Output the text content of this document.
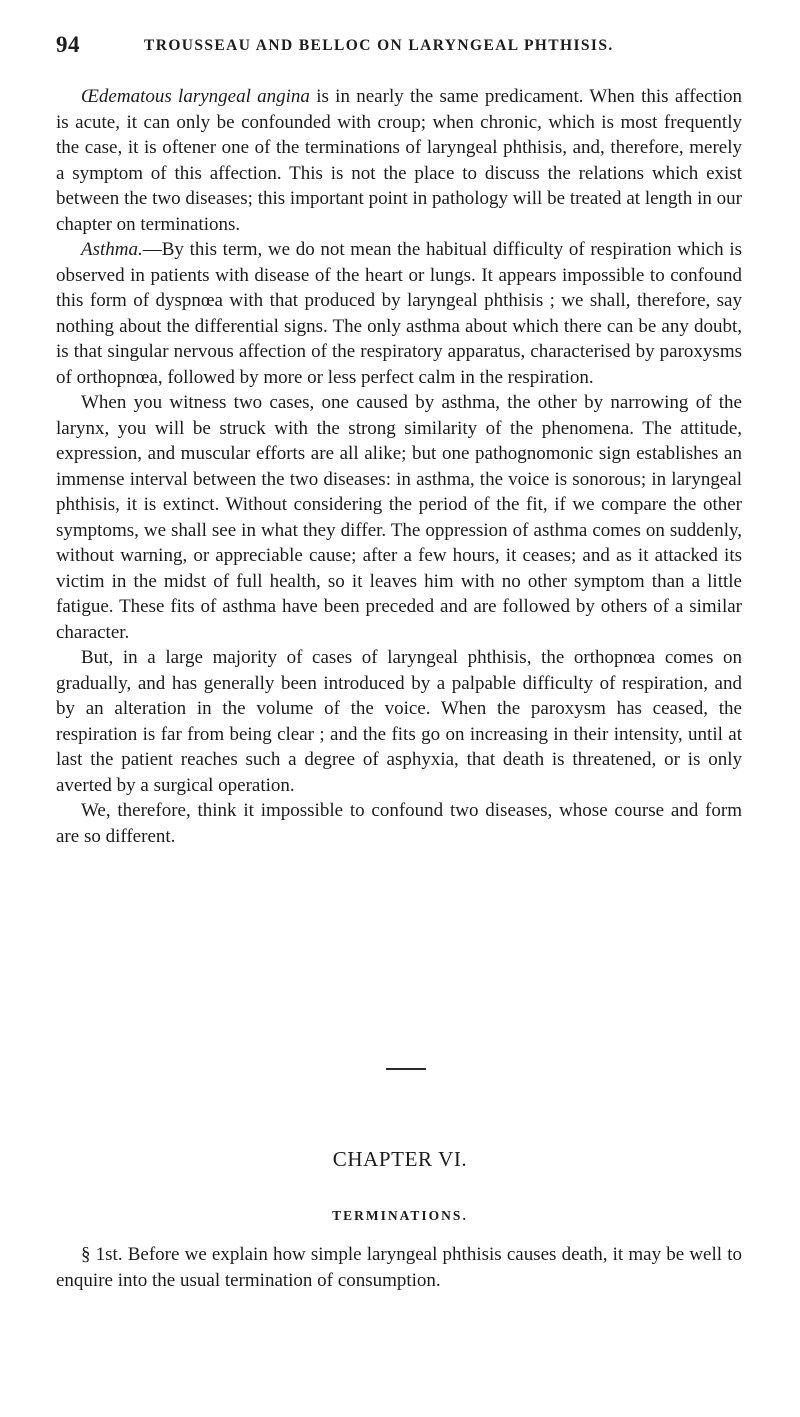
94	TROUSSEAU AND BELLOC ON LARYNGEAL PHTHISIS.

Œdematous laryngeal angina is in nearly the same predicament. When this affection is acute, it can only be confounded with croup; when chronic, which is most frequently the case, it is oftener one of the terminations of laryngeal phthisis, and, therefore, merely a symptom of this affection. This is not the place to discuss the relations which exist between the two diseases; this important point in pathology will be treated at length in our chapter on terminations.

Asthma.—By this term, we do not mean the habitual difficulty of respiration which is observed in patients with disease of the heart or lungs. It appears impossible to confound this form of dyspnœa with that produced by laryngeal phthisis ; we shall, therefore, say nothing about the differential signs. The only asthma about which there can be any doubt, is that singular nervous affection of the respiratory apparatus, characterised by paroxysms of orthopnœa, followed by more or less perfect calm in the respiration.

When you witness two cases, one caused by asthma, the other by narrowing of the larynx, you will be struck with the strong similarity of the phenomena. The attitude, expression, and muscular efforts are all alike; but one pathognomonic sign establishes an immense interval between the two diseases: in asthma, the voice is sonorous; in laryngeal phthisis, it is extinct. Without considering the period of the fit, if we compare the other symptoms, we shall see in what they differ. The oppression of asthma comes on suddenly, without warning, or appreciable cause; after a few hours, it ceases; and as it attacked its victim in the midst of full health, so it leaves him with no other symptom than a little fatigue. These fits of asthma have been preceded and are followed by others of a similar character.

But, in a large majority of cases of laryngeal phthisis, the orthopnœa comes on gradually, and has generally been introduced by a palpable difficulty of respiration, and by an alteration in the volume of the voice. When the paroxysm has ceased, the respiration is far from being clear ; and the fits go on increasing in their intensity, until at last the patient reaches such a degree of asphyxia, that death is threatened, or is only averted by a surgical operation.

We, therefore, think it impossible to confound two diseases, whose course and form are so different.

CHAPTER VI.
TERMINATIONS.

§ 1st. Before we explain how simple laryngeal phthisis causes death, it may be well to enquire into the usual termination of consumption.
